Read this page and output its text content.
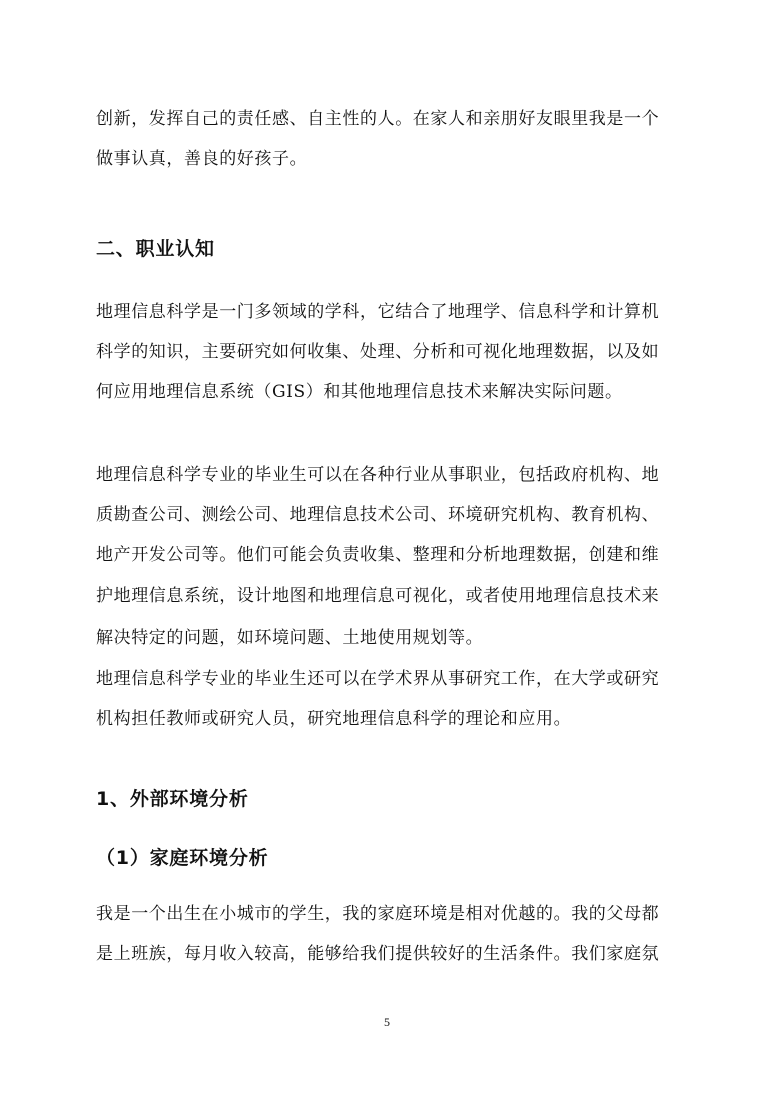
创新，发挥自己的责任感、自主性的人。在家人和亲朋好友眼里我是一个
做事认真，善良的好孩子。
二、职业认知
地理信息科学是一门多领域的学科，它结合了地理学、信息科学和计算机
科学的知识，主要研究如何收集、处理、分析和可视化地理数据，以及如
何应用地理信息系统（GIS）和其他地理信息技术来解决实际问题。
地理信息科学专业的毕业生可以在各种行业从事职业，包括政府机构、地
质勘查公司、测绘公司、地理信息技术公司、环境研究机构、教育机构、
地产开发公司等。他们可能会负责收集、整理和分析地理数据，创建和维
护地理信息系统，设计地图和地理信息可视化，或者使用地理信息技术来
解决特定的问题，如环境问题、土地使用规划等。
地理信息科学专业的毕业生还可以在学术界从事研究工作，在大学或研究
机构担任教师或研究人员，研究地理信息科学的理论和应用。
1、外部环境分析
（1）家庭环境分析
我是一个出生在小城市的学生，我的家庭环境是相对优越的。我的父母都
是上班族，每月收入较高，能够给我们提供较好的生活条件。我们家庭氛
5
